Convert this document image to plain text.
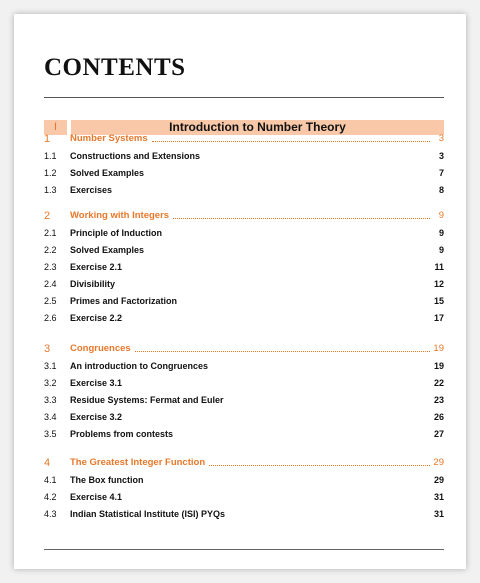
CONTENTS
I	Introduction to Number Theory
1 Number Systems	3
1.1 Constructions and Extensions	3
1.2 Solved Examples	7
1.3 Exercises	8
2 Working with Integers	9
2.1 Principle of Induction	9
2.2 Solved Examples	9
2.3 Exercise 2.1	11
2.4 Divisibility	12
2.5 Primes and Factorization	15
2.6 Exercise 2.2	17
3 Congruences	19
3.1 An introduction to Congruences	19
3.2 Exercise 3.1	22
3.3 Residue Systems: Fermat and Euler	23
3.4 Exercise 3.2	26
3.5 Problems from contests	27
4 The Greatest Integer Function	29
4.1 The Box function	29
4.2 Exercise 4.1	31
4.3 Indian Statistical Institute (ISI) PYQs	31
